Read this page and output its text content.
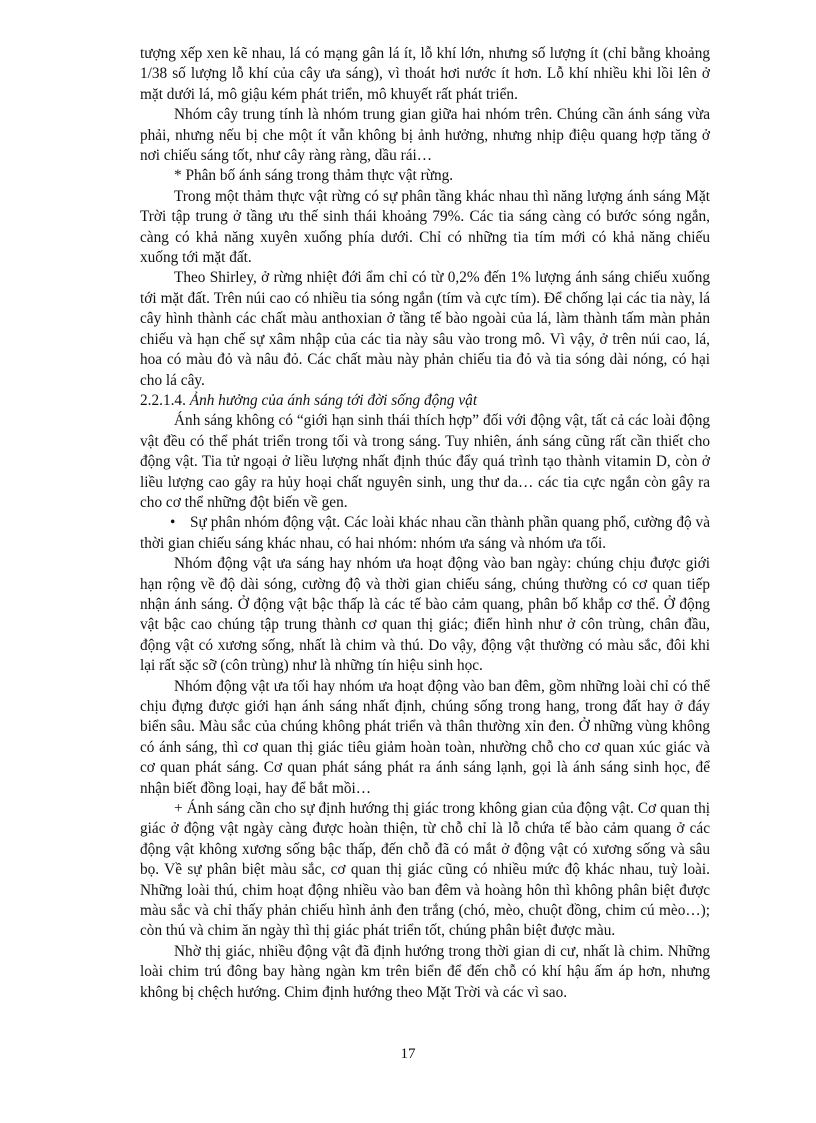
tượng xếp xen kẽ nhau, lá có mạng gân lá ít, lỗ khí lớn, nhưng số lượng ít (chỉ bằng khoảng 1/38 số lượng lỗ khí của cây ưa sáng), vì thoát hơi nước ít hơn. Lỗ khí nhiều khi lồi lên ở mặt dưới lá, mô giậu kém phát triển, mô khuyết rất phát triển.

Nhóm cây trung tính là nhóm trung gian giữa hai nhóm trên. Chúng cần ánh sáng vừa phải, nhưng nếu bị che một ít vẫn không bị ảnh hưởng, nhưng nhịp điệu quang hợp tăng ở nơi chiếu sáng tốt, như cây ràng ràng, dầu rái…

* Phân bố ánh sáng trong thảm thực vật rừng.

Trong một thảm thực vật rừng có sự phân tầng khác nhau thì năng lượng ánh sáng Mặt Trời tập trung ở tầng ưu thế sinh thái khoảng 79%. Các tia sáng càng có bước sóng ngắn, càng có khả năng xuyên xuống phía dưới. Chỉ có những tia tím mới có khả năng chiếu xuống tới mặt đất.

Theo Shirley, ở rừng nhiệt đới ẩm chỉ có từ 0,2% đến 1% lượng ánh sáng chiếu xuống tới mặt đất. Trên núi cao có nhiều tia sóng ngắn (tím và cực tím). Để chống lại các tia này, lá cây hình thành các chất màu anthoxian ở tầng tế bào ngoài của lá, làm thành tấm màn phản chiếu và hạn chế sự xâm nhập của các tia này sâu vào trong mô. Vì vậy, ở trên núi cao, lá, hoa có màu đỏ và nâu đỏ. Các chất màu này phản chiếu tia đỏ và tia sóng dài nóng, có hại cho lá cây.

2.2.1.4. Ảnh hưởng của ánh sáng tới đời sống động vật

Ánh sáng không có “giới hạn sinh thái thích hợp” đối với động vật, tất cả các loài động vật đều có thể phát triển trong tối và trong sáng. Tuy nhiên, ánh sáng cũng rất cần thiết cho động vật. Tia tử ngoại ở liều lượng nhất định thúc đẩy quá trình tạo thành vitamin D, còn ở liều lượng cao gây ra hủy hoại chất nguyên sinh, ung thư da… các tia cực ngắn còn gây ra cho cơ thể những đột biến về gen.

• Sự phân nhóm động vật. Các loài khác nhau cần thành phần quang phổ, cường độ và thời gian chiếu sáng khác nhau, có hai nhóm: nhóm ưa sáng và nhóm ưa tối.

Nhóm động vật ưa sáng hay nhóm ưa hoạt động vào ban ngày: chúng chịu được giới hạn rộng về độ dài sóng, cường độ và thời gian chiếu sáng, chúng thường có cơ quan tiếp nhận ánh sáng. Ở động vật bậc thấp là các tế bào cảm quang, phân bố khắp cơ thể. Ở động vật bậc cao chúng tập trung thành cơ quan thị giác; điển hình như ở côn trùng, chân đầu, động vật có xương sống, nhất là chim và thú. Do vậy, động vật thường có màu sắc, đôi khi lại rất sặc sỡ (côn trùng) như là những tín hiệu sinh học.

Nhóm động vật ưa tối hay nhóm ưa hoạt động vào ban đêm, gồm những loài chỉ có thể chịu đựng được giới hạn ánh sáng nhất định, chúng sống trong hang, trong đất hay ở đáy biển sâu. Màu sắc của chúng không phát triển và thân thường xỉn đen. Ở những vùng không có ánh sáng, thì cơ quan thị giác tiêu giảm hoàn toàn, nhường chỗ cho cơ quan xúc giác và cơ quan phát sáng. Cơ quan phát sáng phát ra ánh sáng lạnh, gọi là ánh sáng sinh học, để nhận biết đồng loại, hay để bắt mồi…

+ Ánh sáng cần cho sự định hướng thị giác trong không gian của động vật. Cơ quan thị giác ở động vật ngày càng được hoàn thiện, từ chỗ chỉ là lỗ chứa tế bào cảm quang ở các động vật không xương sống bậc thấp, đến chỗ đã có mắt ở động vật có xương sống và sâu bọ. Về sự phân biệt màu sắc, cơ quan thị giác cũng có nhiều mức độ khác nhau, tuỳ loài. Những loài thú, chim hoạt động nhiều vào ban đêm và hoàng hôn thì không phân biệt được màu sắc và chỉ thấy phản chiếu hình ảnh đen trắng (chó, mèo, chuột đồng, chim cú mèo…); còn thú và chim ăn ngày thì thị giác phát triển tốt, chúng phân biệt được màu.

Nhờ thị giác, nhiều động vật đã định hướng trong thời gian di cư, nhất là chim. Những loài chim trú đông bay hàng ngàn km trên biển để đến chỗ có khí hậu ấm áp hơn, nhưng không bị chệch hướng. Chim định hướng theo Mặt Trời và các vì sao.

17
